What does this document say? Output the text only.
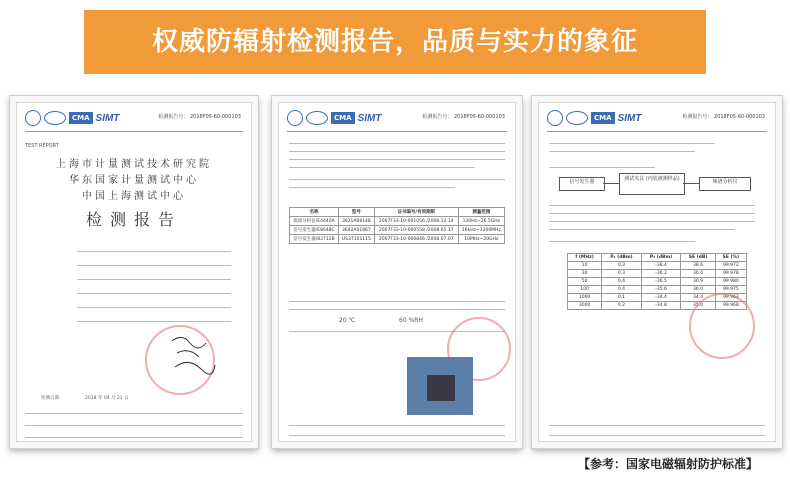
权威防辐射检测报告，品质与实力的象征
CMA SIMT	检测报告号： 2018F05-60-000103
TEST REPORT
上海市计量测试技术研究院
华东国家计量测试中心
中国上海测试中心
检测报告
检测日期：	2018 年 04 月 21 日
CMA SIMT	检测报告号： 2018F05-60-000103
名称	型号	证书编号/有效期限	测量范围
频谱分析仪/E4440A	3621A08148	2007F33-10-001056 /2008.12.14	130Hz~26.5GHz
信号发生器/E8648C	3642A01967	2007F33-10-000558 /2008.05.17	16kHz~3200MHz
信号发生器/83712B	US37101115	2007F33-10-000846 /2008.07.07	10MHz~20GHz
20 ℃	60 %RH
CMA SIMT	检测报告号： 2018F05-60-000103
信号发生器	测试夹具 (内装被测样品)	频谱分析仪
f (MHz)	P₁ (dBm)	P₂ (dBm)	SE (dB)	SE (%)
10	0.3	-38.4	38.6	99.972
30	0.3	-36.2	36.6	99.978
50	0.4	-36.5	36.9	99.980
100	0.4	-35.6	36.0	99.975
1000	0.1	-34.4	34.4	99.963
3000	0.2	-34.8	35.0	99.968
【参考：国家电磁辐射防护标准】
